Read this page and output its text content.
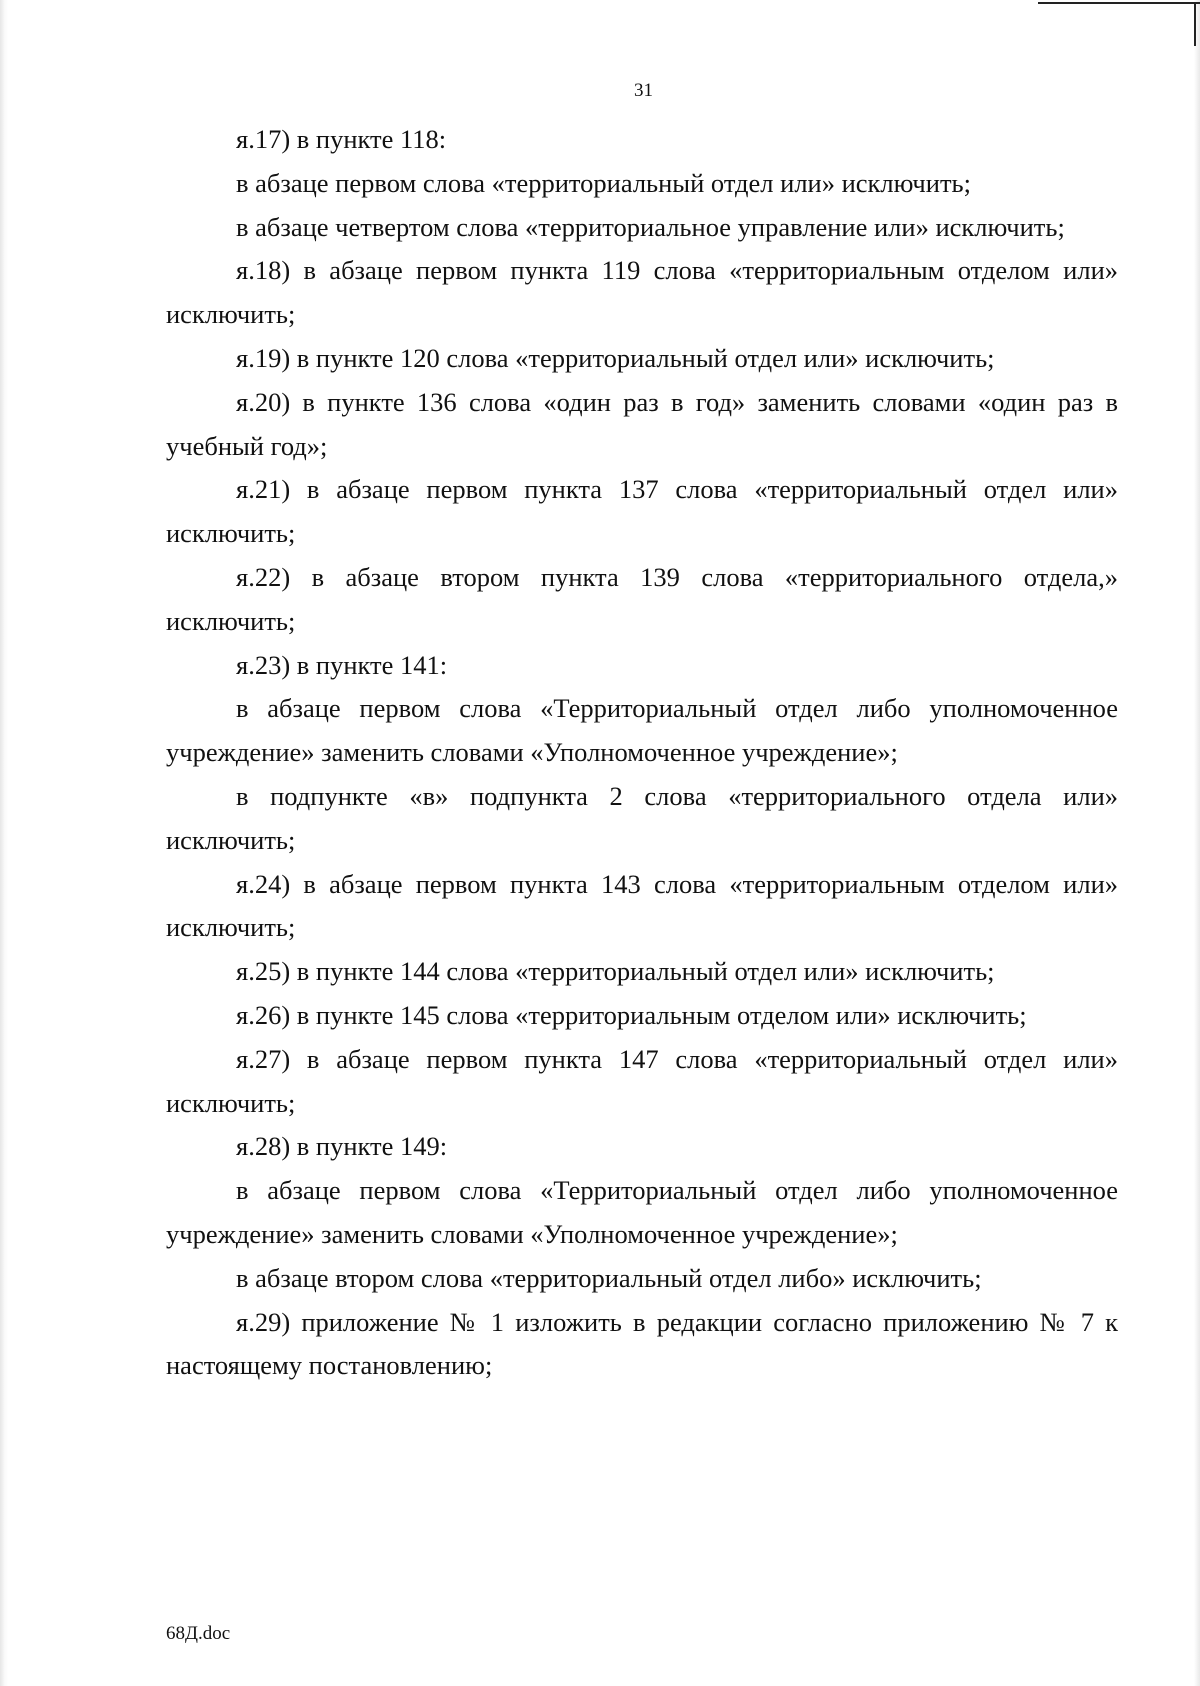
31

я.17) в пункте 118:

в абзаце первом слова «территориальный отдел или» исключить;

в абзаце четвертом слова «территориальное управление или» исключить;

я.18) в абзаце первом пункта 119 слова «территориальным отделом или» исключить;

я.19) в пункте 120 слова «территориальный отдел или» исключить;

я.20) в пункте 136 слова «один раз в год» заменить словами «один раз в учебный год»;

я.21) в абзаце первом пункта 137 слова «территориальный отдел или» исключить;

я.22) в абзаце втором пункта 139 слова «территориального отдела,» исключить;

я.23) в пункте 141:

в абзаце первом слова «Территориальный отдел либо уполномоченное учреждение» заменить словами «Уполномоченное учреждение»;

в подпункте «в» подпункта 2 слова «территориального отдела или» исключить;

я.24) в абзаце первом пункта 143 слова «территориальным отделом или» исключить;

я.25) в пункте 144 слова «территориальный отдел или» исключить;

я.26) в пункте 145 слова «территориальным отделом или» исключить;

я.27) в абзаце первом пункта 147 слова «территориальный отдел или» исключить;

я.28) в пункте 149:

в абзаце первом слова «Территориальный отдел либо уполномоченное учреждение» заменить словами «Уполномоченное учреждение»;

в абзаце втором слова «территориальный отдел либо» исключить;

я.29) приложение № 1 изложить в редакции согласно приложению № 7 к настоящему постановлению;

68Д.doc
